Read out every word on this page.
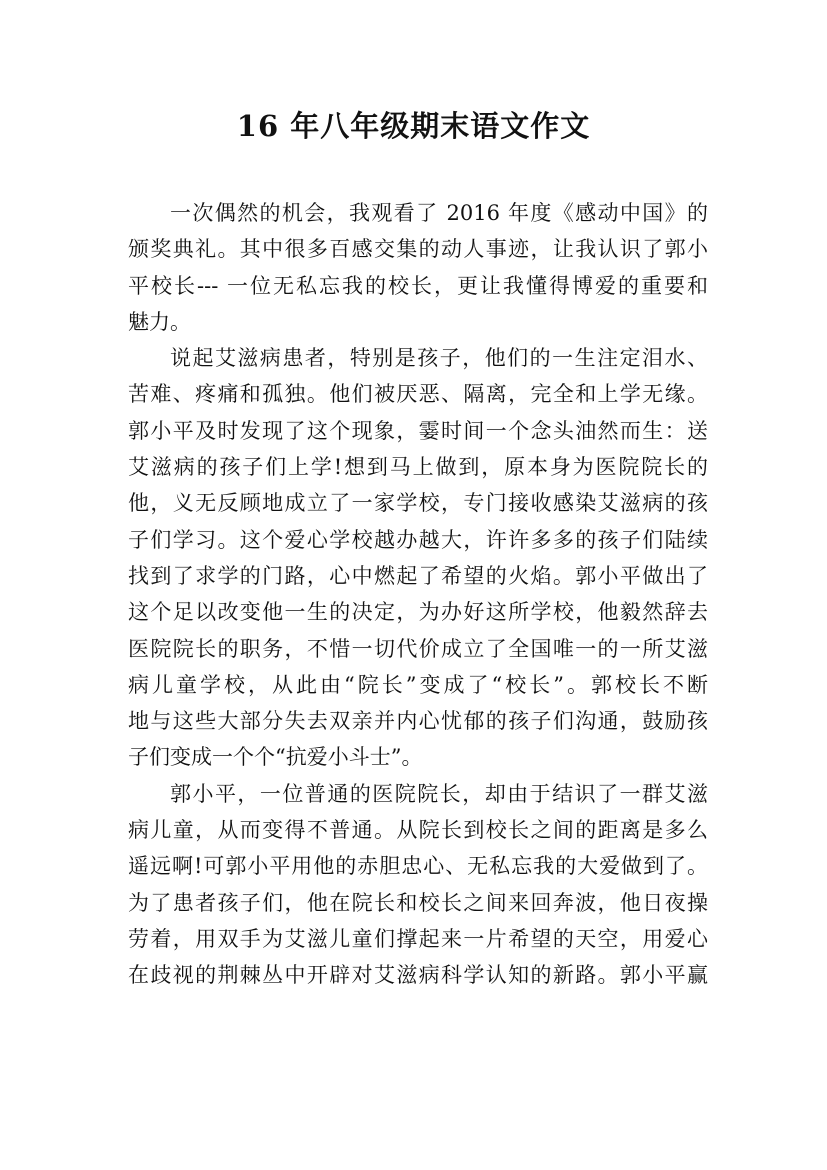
16 年八年级期末语文作文
一次偶然的机会，我观看了 2016 年度《感动中国》的
颁奖典礼。其中很多百感交集的动人事迹，让我认识了郭小
平校长--- 一位无私忘我的校长，更让我懂得博爱的重要和
魅力。
说起艾滋病患者，特别是孩子，他们的一生注定泪水、
苦难、疼痛和孤独。他们被厌恶、隔离，完全和上学无缘。
郭小平及时发现了这个现象，霎时间一个念头油然而生：送
艾滋病的孩子们上学!想到马上做到，原本身为医院院长的
他，义无反顾地成立了一家学校，专门接收感染艾滋病的孩
子们学习。这个爱心学校越办越大，许许多多的孩子们陆续
找到了求学的门路，心中燃起了希望的火焰。郭小平做出了
这个足以改变他一生的决定，为办好这所学校，他毅然辞去
医院院长的职务，不惜一切代价成立了全国唯一的一所艾滋
病儿童学校，从此由“院长”变成了“校长”。郭校长不断
地与这些大部分失去双亲并内心忧郁的孩子们沟通，鼓励孩
子们变成一个个“抗爱小斗士”。
郭小平，一位普通的医院院长，却由于结识了一群艾滋
病儿童，从而变得不普通。从院长到校长之间的距离是多么
遥远啊!可郭小平用他的赤胆忠心、无私忘我的大爱做到了。
为了患者孩子们，他在院长和校长之间来回奔波，他日夜操
劳着，用双手为艾滋儿童们撑起来一片希望的天空，用爱心
在歧视的荆棘丛中开辟对艾滋病科学认知的新路。郭小平赢
